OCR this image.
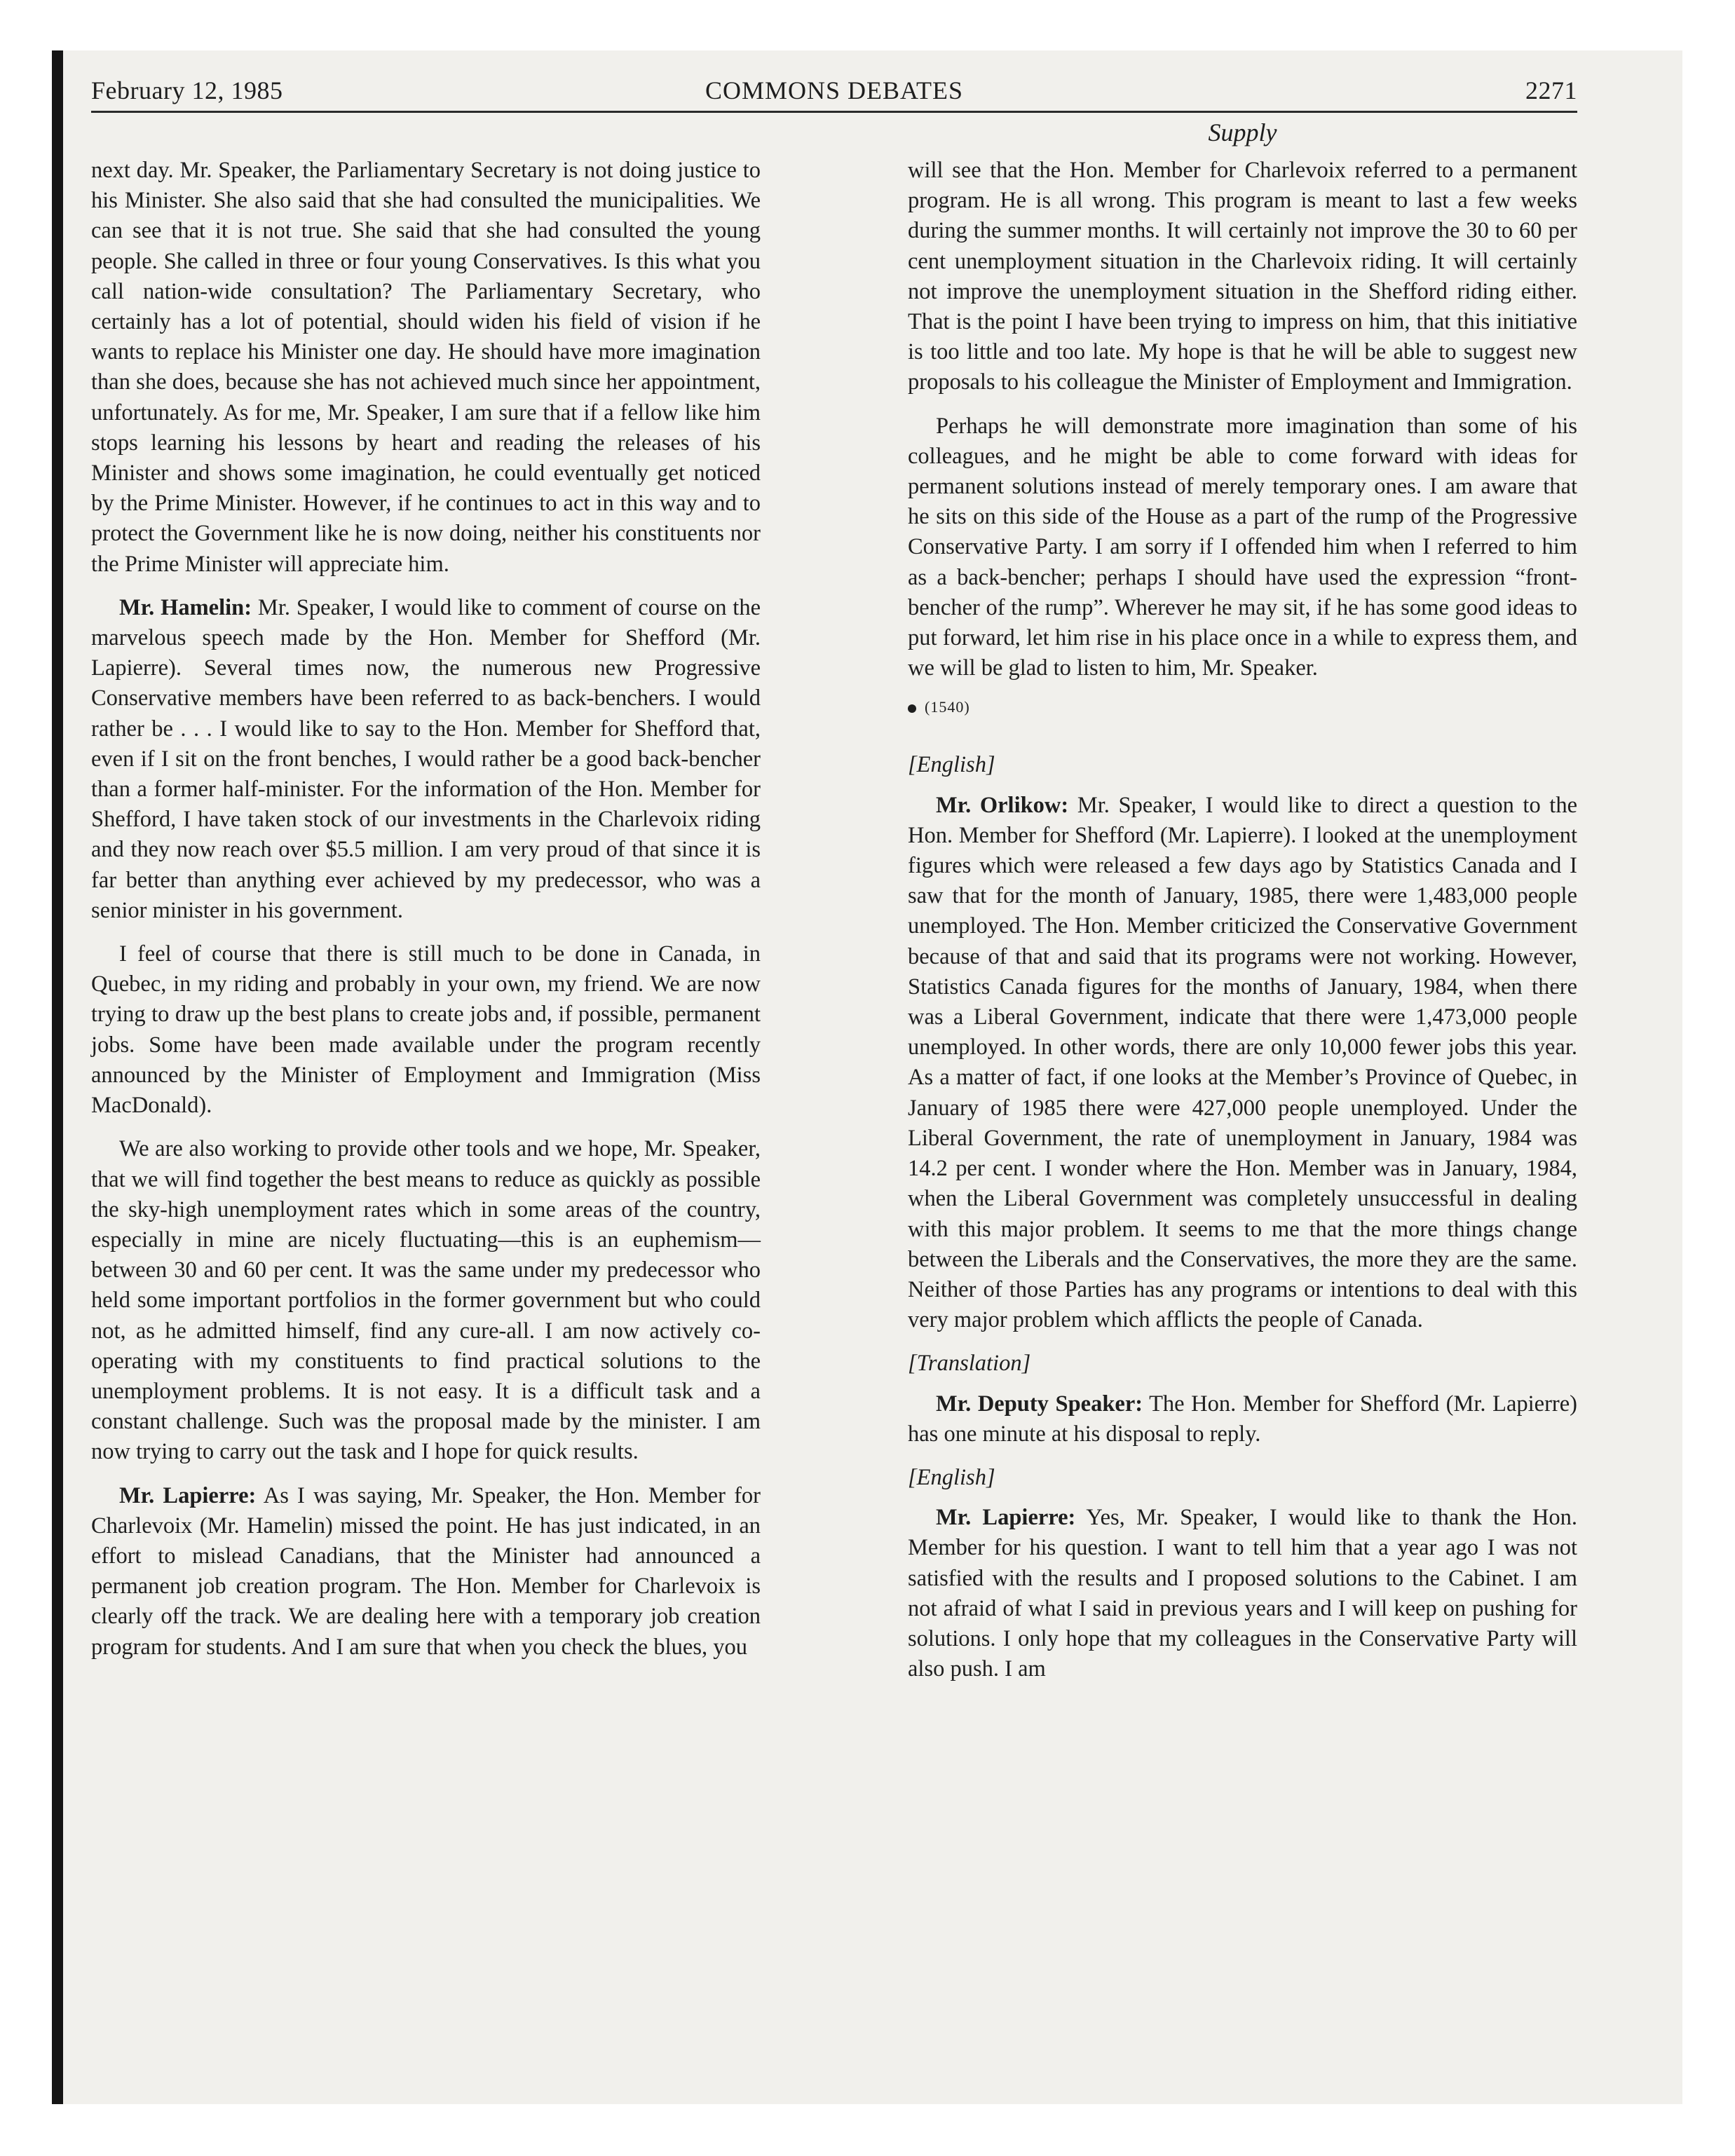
February 12, 1985	COMMONS DEBATES	2271
Supply

next day. Mr. Speaker, the Parliamentary Secretary is not doing justice to his Minister. She also said that she had consulted the municipalities. We can see that it is not true. She said that she had consulted the young people. She called in three or four young Conservatives. Is this what you call nation-wide consultation? The Parliamentary Secretary, who certainly has a lot of potential, should widen his field of vision if he wants to replace his Minister one day. He should have more imagination than she does, because she has not achieved much since her appointment, unfortunately. As for me, Mr. Speaker, I am sure that if a fellow like him stops learning his lessons by heart and reading the releases of his Minister and shows some imagination, he could eventually get noticed by the Prime Minister. However, if he continues to act in this way and to protect the Government like he is now doing, neither his constituents nor the Prime Minister will appreciate him.

Mr. Hamelin: Mr. Speaker, I would like to comment of course on the marvelous speech made by the Hon. Member for Shefford (Mr. Lapierre). Several times now, the numerous new Progressive Conservative members have been referred to as back-benchers. I would rather be . . . I would like to say to the Hon. Member for Shefford that, even if I sit on the front benches, I would rather be a good back-bencher than a former half-minister. For the information of the Hon. Member for Shefford, I have taken stock of our investments in the Charlevoix riding and they now reach over $5.5 million. I am very proud of that since it is far better than anything ever achieved by my predecessor, who was a senior minister in his government.

I feel of course that there is still much to be done in Canada, in Quebec, in my riding and probably in your own, my friend. We are now trying to draw up the best plans to create jobs and, if possible, permanent jobs. Some have been made available under the program recently announced by the Minister of Employment and Immigration (Miss MacDonald).

We are also working to provide other tools and we hope, Mr. Speaker, that we will find together the best means to reduce as quickly as possible the sky-high unemployment rates which in some areas of the country, especially in mine are nicely fluctuating—this is an euphemism—between 30 and 60 per cent. It was the same under my predecessor who held some important portfolios in the former government but who could not, as he admitted himself, find any cure-all. I am now actively co-operating with my constituents to find practical solutions to the unemployment problems. It is not easy. It is a difficult task and a constant challenge. Such was the proposal made by the minister. I am now trying to carry out the task and I hope for quick results.

Mr. Lapierre: As I was saying, Mr. Speaker, the Hon. Member for Charlevoix (Mr. Hamelin) missed the point. He has just indicated, in an effort to mislead Canadians, that the Minister had announced a permanent job creation program. The Hon. Member for Charlevoix is clearly off the track. We are dealing here with a temporary job creation program for students. And I am sure that when you check the blues, you

will see that the Hon. Member for Charlevoix referred to a permanent program. He is all wrong. This program is meant to last a few weeks during the summer months. It will certainly not improve the 30 to 60 per cent unemployment situation in the Charlevoix riding. It will certainly not improve the unemployment situation in the Shefford riding either. That is the point I have been trying to impress on him, that this initiative is too little and too late. My hope is that he will be able to suggest new proposals to his colleague the Minister of Employment and Immigration.

Perhaps he will demonstrate more imagination than some of his colleagues, and he might be able to come forward with ideas for permanent solutions instead of merely temporary ones. I am aware that he sits on this side of the House as a part of the rump of the Progressive Conservative Party. I am sorry if I offended him when I referred to him as a back-bencher; perhaps I should have used the expression “front-bencher of the rump”. Wherever he may sit, if he has some good ideas to put forward, let him rise in his place once in a while to express them, and we will be glad to listen to him, Mr. Speaker.

(1540)

[English]

Mr. Orlikow: Mr. Speaker, I would like to direct a question to the Hon. Member for Shefford (Mr. Lapierre). I looked at the unemployment figures which were released a few days ago by Statistics Canada and I saw that for the month of January, 1985, there were 1,483,000 people unemployed. The Hon. Member criticized the Conservative Government because of that and said that its programs were not working. However, Statistics Canada figures for the months of January, 1984, when there was a Liberal Government, indicate that there were 1,473,000 people unemployed. In other words, there are only 10,000 fewer jobs this year. As a matter of fact, if one looks at the Member’s Province of Quebec, in January of 1985 there were 427,000 people unemployed. Under the Liberal Government, the rate of unemployment in January, 1984 was 14.2 per cent. I wonder where the Hon. Member was in January, 1984, when the Liberal Government was completely unsuccessful in dealing with this major problem. It seems to me that the more things change between the Liberals and the Conservatives, the more they are the same. Neither of those Parties has any programs or intentions to deal with this very major problem which afflicts the people of Canada.

[Translation]

Mr. Deputy Speaker: The Hon. Member for Shefford (Mr. Lapierre) has one minute at his disposal to reply.

[English]

Mr. Lapierre: Yes, Mr. Speaker, I would like to thank the Hon. Member for his question. I want to tell him that a year ago I was not satisfied with the results and I proposed solutions to the Cabinet. I am not afraid of what I said in previous years and I will keep on pushing for solutions. I only hope that my colleagues in the Conservative Party will also push. I am
